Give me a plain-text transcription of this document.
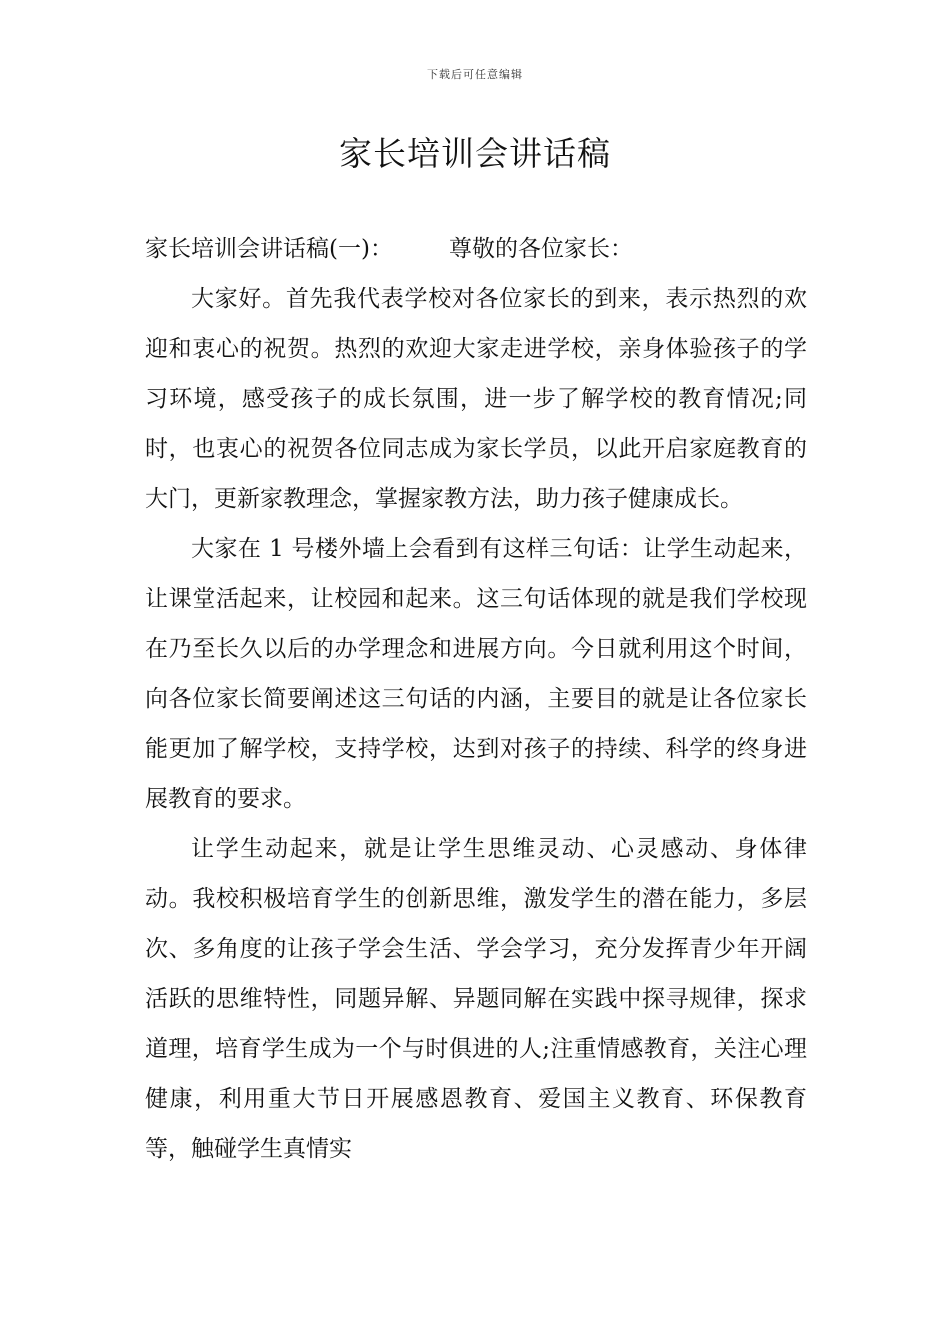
下载后可任意编辑
家长培训会讲话稿

家长培训会讲话稿(一)： 尊敬的各位家长：

大家好。首先我代表学校对各位家长的到来，表示热烈的欢迎和衷心的祝贺。热烈的欢迎大家走进学校，亲身体验孩子的学习环境，感受孩子的成长氛围，进一步了解学校的教育情况;同时，也衷心的祝贺各位同志成为家长学员，以此开启家庭教育的大门，更新家教理念，掌握家教方法，助力孩子健康成长。

大家在 1 号楼外墙上会看到有这样三句话：让学生动起来，让课堂活起来，让校园和起来。这三句话体现的就是我们学校现在乃至长久以后的办学理念和进展方向。今日就利用这个时间，向各位家长简要阐述这三句话的内涵，主要目的就是让各位家长能更加了解学校，支持学校，达到对孩子的持续、科学的终身进展教育的要求。

让学生动起来，就是让学生思维灵动、心灵感动、身体律动。我校积极培育学生的创新思维，激发学生的潜在能力，多层次、多角度的让孩子学会生活、学会学习，充分发挥青少年开阔活跃的思维特性，同题异解、异题同解在实践中探寻规律，探求道理，培育学生成为一个与时俱进的人;注重情感教育，关注心理健康，利用重大节日开展感恩教育、爱国主义教育、环保教育等，触碰学生真情实
